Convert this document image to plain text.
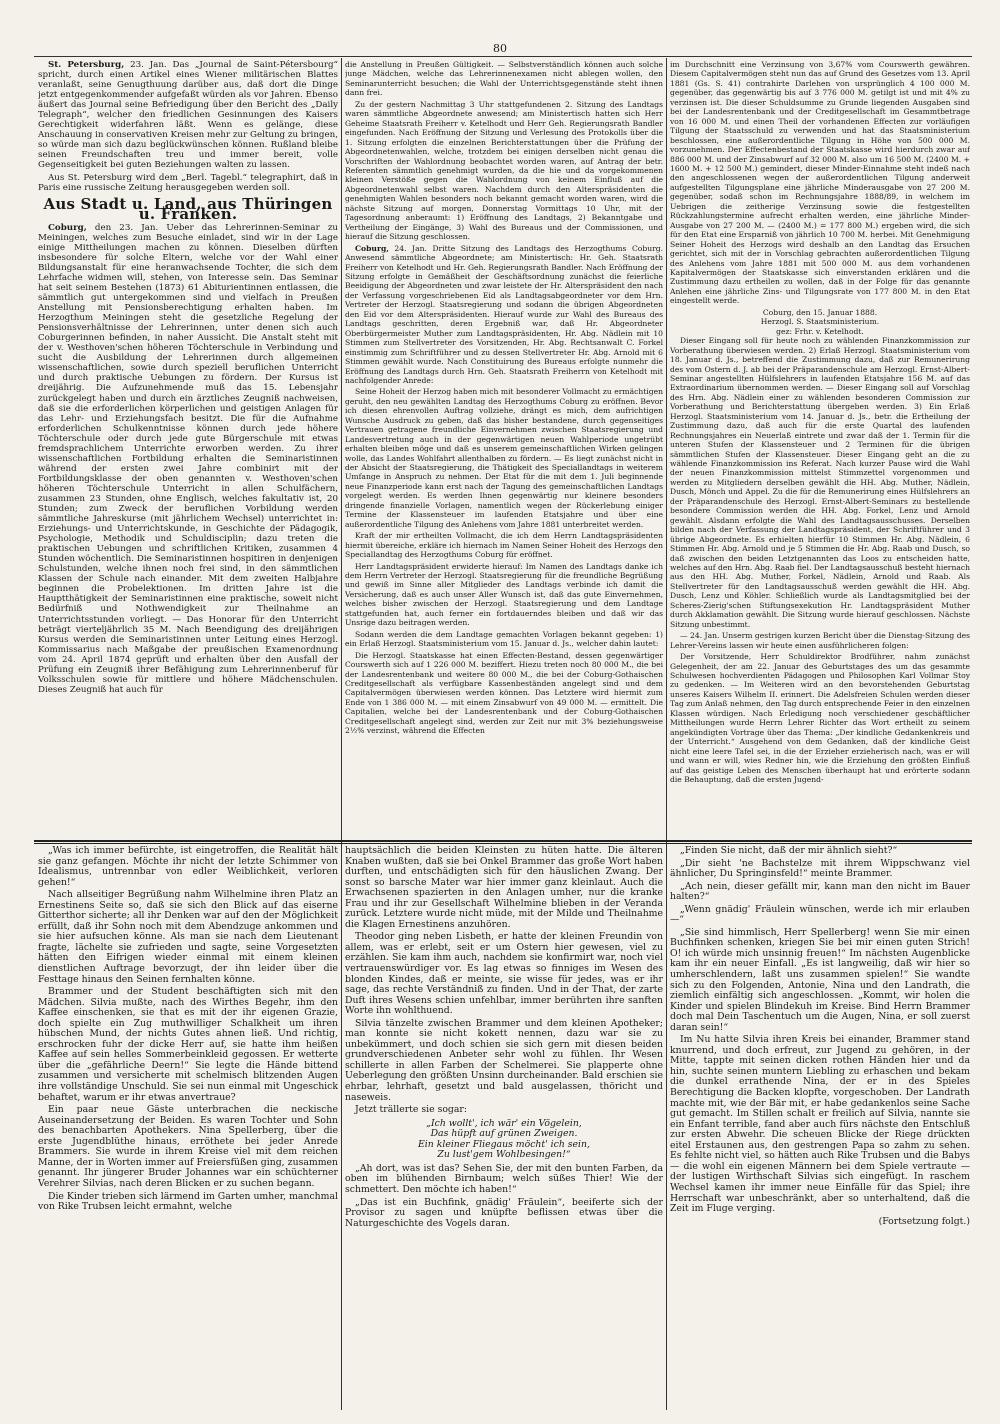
80

St. Petersburg, 23. Jan. Das „Journal de Saint-Pétersbourg“ spricht, durch einen Artikel eines Wiener militärischen Blattes veranlaßt, seine Genugthuung darüber aus, daß dort die Dinge jetzt entgegenkommender aufgefaßt würden als vor Jahren. Ebenso äußert das Journal seine Befriedigung über den Bericht des „Daily Telegraph“, welcher den friedlichen Gesinnungen des Kaisers Gerechtigkeit widerfahren läßt. Wenn es gelänge, diese Anschauung in conservativen Kreisen mehr zur Geltung zu bringen, so würde man sich dazu beglückwünschen können. Rußland bleibe seinen Freundschaften treu und immer bereit, volle Gegenseitigkeit bei guten Beziehungen walten zu lassen.

Aus St. Petersburg wird dem „Berl. Tagebl.“ telegraphirt, daß in Paris eine russische Zeitung herausgegeben werden soll.

Aus Stadt u. Land, aus Thüringen u. Franken.

Coburg, den 23. Jan. Ueber das Lehrerinnen-Seminar zu Meiningen, welches zum Besuche einladet, sind wir in der Lage einige Mittheilungen machen zu können. Dieselben dürften insbesondere für solche Eltern, welche vor der Wahl einer Bildungsanstalt für eine heranwachsende Tochter, die sich dem Lehrfache widmen will, stehen, von Interesse sein. Das Seminar hat seit seinem Bestehen (1873) 61 Abiturientinnen entlassen, die sämmtlich gut untergekommen sind und vielfach in Preußen Anstellung mit Pensionsberechtigung erhalten haben. Im Herzogthum Meiningen steht die gesetzliche Regelung der Pensionsverhältnisse der Lehrerinnen, unter denen sich auch Coburgerinnen befinden, in naher Aussicht. Die Anstalt steht mit der v. Westhoven'schen höheren Töchterschule in Verbindung und sucht die Ausbildung der Lehrerinnen durch allgemeinen wissenschaftlichen, sowie durch speziell beruflichen Unterricht und durch praktische Uebungen zu fördern. Der Kursus ist dreijährig. Die Aufzunehmende muß das 15. Lebensjahr zurückgelegt haben und durch ein ärztliches Zeugniß nachweisen, daß sie die erforderlichen körperlichen und geistigen Anlagen für das Lehr- und Erziehungsfach besitzt. Die für die Aufnahme erforderlichen Schulkenntnisse können durch jede höhere Töchterschule oder durch jede gute Bürgerschule mit etwas fremdsprachlichem Unterrichte erworben werden. Zu ihrer wissenschaftlichen Fortbildung erhalten die Seminaristinnen während der ersten zwei Jahre combinirt mit der Fortbildungsklasse der oben genannten v. Westhoven'schen höheren Töchterschule Unterricht in allen Schulfächern, zusammen 23 Stunden, ohne Englisch, welches fakultativ ist, 20 Stunden; zum Zweck der beruflichen Vorbildung werden sämmtliche Jahreskurse (mit jährlichem Wechsel) unterrichtet in: Erziehungs- und Unterrichtskunde, in Geschichte der Pädagogik, Psychologie, Methodik und Schuldisciplin; dazu treten die praktischen Uebungen und schriftlichen Kritiken, zusammen 4 Stunden wöchentlich. Die Seminaristinnen hospitiren in denjenigen Schulstunden, welche ihnen noch frei sind, in den sämmtlichen Klassen der Schule nach einander. Mit dem zweiten Halbjahre beginnen die Probelektionen. Im dritten Jahre ist die Hauptthätigkeit der Seminaristinnen eine praktische, soweit nicht Bedürfniß und Nothwendigkeit zur Theilnahme an Unterrichtsstunden vorliegt. — Das Honorar für den Unterricht beträgt vierteljährlich 35 M. Nach Beendigung des dreijährigen Kursus werden die Seminaristinnen unter Leitung eines Herzogl. Kommissarius nach Maßgabe der preußischen Examenordnung vom 24. April 1874 geprüft und erhalten über den Ausfall der Prüfung ein Zeugniß ihrer Befähigung zum Lehrerinnenberuf für Volksschulen sowie für mittlere und höhere Mädchenschulen. Dieses Zeugniß hat auch für

die Anstellung in Preußen Gültigkeit. — Selbstverständlich können auch solche junge Mädchen, welche das Lehrerinnenexamen nicht ablegen wollen, den Seminarunterricht besuchen; die Wahl der Unterrichtsgegenstände steht ihnen dann frei.

Zu der gestern Nachmittag 3 Uhr stattgefundenen 2. Sitzung des Landtags waren sämmtliche Abgeordnete anwesend; am Ministertisch hatten sich Herr Geheime Staatsrath Freiherr v. Ketelhodt und Herr Geh. Regierungsrath Bandler eingefunden. Nach Eröffnung der Sitzung und Verlesung des Protokolls über die 1. Sitzung erfolgten die einzelnen Berichterstattungen über die Prüfung der Abgeordnetenwahlen, welche, trotzdem bei einigen derselben nicht genau die Vorschriften der Wahlordnung beobachtet worden waren, auf Antrag der betr. Referenten sämmtlich genehmigt wurden, da die hie und da vorgekommenen kleinen Verstöße gegen die Wahlordnung von keinem Einfluß auf die Abgeordnetenwahl selbst waren. Nachdem durch den Alterspräsidenten die genehmigten Wahlen besonders noch bekannt gemacht worden waren, wird die nächste Sitzung auf morgen, Donnerstag Vormittags 10 Uhr, mit der Tagesordnung anberaumt: 1) Eröffnung des Landtags, 2) Bekanntgabe und Vertheilung der Eingänge, 3) Wahl des Bureaus und der Commissionen, und hierauf die Sitzung geschlossen.

Coburg, 24. Jan. Dritte Sitzung des Landtags des Herzogthums Coburg. Anwesend sämmtliche Abgeordnete; am Ministertisch: Hr. Geh. Staatsrath Freiherr von Ketelhodt und Hr. Geh. Regierungsrath Bandler. Nach Eröffnung der Sitzung erfolgte in Gemäßheit der Geschäftsordnung zunächst die feierliche Beeidigung der Abgeordneten und zwar leistete der Hr. Alterspräsident den nach der Verfassung vorgeschriebenen Eid als Landtagsabgeordneter vor dem Hrn. Vertreter der Herzogl. Staatsregierung und sodann die übrigen Abgeordneten den Eid vor dem Alterspräsidenten. Hierauf wurde zur Wahl des Bureaus des Landtags geschritten, deren Ergebniß war, daß Hr. Abgeordneter Oberbürgermeister Muther zum Landtagspräsidenten, Hr. Abg. Nädlein mit 10 Stimmen zum Stellvertreter des Vorsitzenden, Hr. Abg. Rechtsanwalt C. Forkel einstimmig zum Schriftführer und zu dessen Stellvertreter Hr. Abg. Arnold mit 6 Stimmen gewählt wurde. Nach Constituirung des Bureaus erfolgte nunmehr die Eröffnung des Landtags durch Hrn. Geh. Staatsrath Freiherrn von Ketelhodt mit nachfolgender Anrede:

Seine Hoheit der Herzog haben mich mit besonderer Vollmacht zu ermächtigen geruht, den neu gewählten Landtag des Herzogthums Coburg zu eröffnen. Bevor ich diesen ehrenvollen Auftrag vollziehe, drängt es mich, dem aufrichtigen Wunsche Ausdruck zu geben, daß das bisher bestandene, durch gegenseitiges Vertrauen getragene freundliche Einvernehmen zwischen Staatsregierung und Landesvertretung auch in der gegenwärtigen neuen Wahlperiode ungetrübt erhalten bleiben möge und daß es unserem gemeinschaftlichen Wirken gelingen wolle, das Landes Wohlfahrt allenthalben zu fördern. — Es liegt zunächst nicht in der Absicht der Staatsregierung, die Thätigkeit des Speciallandtags in weiterem Umfange in Anspruch zu nehmen. Der Etat für die mit dem 1. Juli beginnende neue Finanzperiode kann erst nach der Tagung des gemeinschaftlichen Landtags vorgelegt werden. Es werden Ihnen gegenwärtig nur kleinere besonders dringende finanzielle Vorlagen, namentlich wegen der Rückerlebung einiger Termine der Klassensteuer im laufenden Etatsjahre und über eine außerordentliche Tilgung des Anlehens vom Jahre 1881 unterbreitet werden.

Kraft der mir ertheilten Vollmacht, die ich dem Herrn Landtagspräsidenten hiermit übereiche, erkläre ich hiernach im Namen Seiner Hoheit des Herzogs den Speciallandtag des Herzogthums Coburg für eröffnet.

Herr Landtagspräsident erwiderte hierauf: Im Namen des Landtags danke ich dem Herrn Vertreter der Herzogl. Staatsregierung für die freundliche Begrüßung und gewiß im Sinne aller Mitglieder des Landtags verbinde ich damit die Versicherung, daß es auch unser Aller Wunsch ist, daß das gute Einvernehmen, welches bisher zwischen der Herzogl. Staatsregierung und dem Landtage stattgefunden hat, auch ferner ein fortdauerndes bleiben und daß wir das Unsrige dazu beitragen werden.

Sodann werden die dem Landtage gemachten Vorlagen bekannt gegeben: 1) ein Erlaß Herzogl. Staatsministerium vom 15. Januar d. Js., welcher dahin lautet:

Die Herzogl. Staatskasse hat einen Effecten-Bestand, dessen gegenwärtiger Courswerth sich auf 1 226 000 M. beziffert. Hiezu treten noch 80 000 M., die bei der Landesrentenbank und weitere 80 000 M., die bei der Coburg-Gothaischen Creditgesellschaft als verfügbare Kassenbeständen angelegt sind und dem Capitalvermögen überwiesen werden können. Das Letztere wird hiermit zum Ende von 1 386 000 M. — mit einem Zinsabwurf von 49 000 M. — ermittelt. Die Capitalien, welche bei der Landesrentenbank und der Coburg-Gothaischen Creditgesellschaft angelegt sind, werden zur Zeit nur mit 3% beziehungsweise 2½% verzinst, während die Effecten

im Durchschnitt eine Verzinsung von 3,67% vom Courswerth gewähren. Diesem Capitalvermögen steht nun das auf Grund des Gesetzes vom 13. April 1881 (Gs. S. 41) contrahirte Darlehen von ursprünglich 4 100 000 M. gegenüber, das gegenwärtig bis auf 3 776 000 M. getilgt ist und mit 4% zu verzinsen ist. Die dieser Schuldsumme zu Grunde liegenden Ausgaben sind bei der Landesrentenbank und der Creditgesellschaft im Gesammtbetrage von 16 000 M. und einen Theil der vorhandenen Effecten zur vorläufigen Tilgung der Staatsschuld zu verwenden und hat das Staatsministerium beschlossen, eine außerordentliche Tilgung in Höhe von 500 000 M. vorzunehmen. Der Effectenbestand der Staatskasse wird hierdurch zwar auf 886 000 M. und der Zinsabwurf auf 32 000 M. also um 16 500 M. (2400 M. + 1600 M. + 12 500 M.) gemindert, dieser Minder-Einnahme steht indeß nach den angeschlossenen wegen der außerordentlichen Tilgung anderweit aufgestellten Tilgungsplane eine jährliche Minderausgabe von 27 200 M. gegenüber, sodaß schon im Rechnungsjahre 1888/89, in welchem im Uebrigen die zeitherige Verzinsung sowie die festgestellten Rückzahlungstermine aufrecht erhalten werden, eine jährliche Minder-Ausgabe von 27 200 M. — (2400 M.) = 177 800 M.) ergeben wird, die sich für den Etat eine Ersparniß von jährlich 10 700 M. herbei. Mit Genehmigung Seiner Hoheit des Herzogs wird deshalb an den Landtag das Ersuchen gerichtet, sich mit der in Vorschlag gebrachten außerordentlichen Tilgung des Anlehens vom Jahre 1881 mit 500 000 M. aus dem vorhandenen Kapitalvermögen der Staatskasse sich einverstanden erklären und die Zustimmung dazu ertheilen zu wollen, daß in der Folge für das genannte Anlehen eine jährliche Zins- und Tilgungsrate von 177 800 M. in den Etat eingestellt werde.

Coburg, den 15. Januar 1888.
Herzogl. S. Staatsministerium.
gez: Frhr. v. Ketelhodt.

Dieser Eingang soll für heute noch zu wählenden Finanzkommission zur Vorberathung überwiesen werden. 2) Erlaß Herzogl. Staatsministerium vom 18. Januar d. Js., betreffend die Zustimmung dazu, daß zur Remunerirung des vom Ostern d. J. ab bei der Präparandenschule am Herzogl. Ernst-Albert-Seminar angestellten Hülfslehrers in laufenden Etatsjahre 156 M. auf das Extraordinarium übernommen werden. — Dieser Eingang soll auf Vorschlag des Hrn. Abg. Nädlein einer zu wählenden besonderen Commission zur Vorberathung und Berichterstattung übergeben werden. 3) Ein Erlaß Herzogl. Staatsministerium vom 14. Januar d. Js., betr. die Ertheilung der Zustimmung dazu, daß auch für die erste Quartal des laufenden Rechnungsjahres ein Neuerlaß eintrete und zwar daß der 1. Termin für die unteren Stufen der Klassensteuer und 2 Terminen für die übrigen sämmtlichen Stufen der Klassensteuer. Dieser Eingang geht an die zu wählende Finanzkommission ins Referat. Nach kurzer Pause wird die Wahl der neuen Finanzkommission mittelst Stimmzettel vorgenommen und werden zu Mitgliedern derselben gewählt die HH. Abg. Muther, Nädlein, Dusch, Mönch und Appel. Zu die für die Remunerirung eines Hülfslehrers an der Präparandenschule des Herzogl. Ernst-Albert-Seminars zu bestellende besondere Commission werden die HH. Abg. Forkel, Lenz und Arnold gewählt. Alsdann erfolgte die Wahl des Landtagsausschusses. Derselben bilden nach der Verfassung der Landtagspräsident, der Schriftführer und 3 übrige Abgeordnete. Es erhielten hierfür 10 Stimmen Hr. Abg. Nädlein, 6 Stimmen Hr. Abg. Arnold und je 5 Stimmen die Hr. Abg. Raab und Dusch, so daß zwischen den beiden Letztgenannten das Loos zu entscheiden hatte, welches auf den Hrn. Abg. Raab fiel. Der Landtagsausschuß besteht hiernach aus den HH. Abg. Muther, Forkel, Nädlein, Arnold und Raab. Als Stellvertreter für den Landtagsausschuß werden gewählt die HH. Abg. Dusch, Lenz und Köhler. Schließlich wurde als Landtagsmitglied bei der Scheres-Zierig'schen Stiftungsexekution Hr. Landtagspräsident Muther durch Akklamation gewählt. Die Sitzung wurde hierauf geschlossen. Nächste Sitzung unbestimmt.

— 24. Jan. Unserm gestrigen kurzen Bericht über die Dienstag-Sitzung des Lehrer-Vereins lassen wir heute einen ausführlicheren folgen:

Der Vorsitzende, Herr Schuldirektor Brodführer, nahm zunächst Gelegenheit, der am 22. Januar des Geburtstages des um das gesammte Schulwesen hochverdienten Pädagogen und Philosophen Karl Vollmar Stoy zu gedenken. — Im Weiteren wird an den bevorstehenden Geburtstag unseres Kaisers Wilhelm II. erinnert. Die Adelsfreien Schulen werden dieser Tag zum Anlaß nehmen, den Tag durch entsprechende Feier in den einzelnen Klassen würdigen. Nach Erledigung noch verschiedener geschäftlicher Mittheilungen wurde Herrn Lehrer Richter das Wort ertheilt zu seinem angekündigten Vortrage über das Thema: „Der kindliche Gedankenkreis und der Unterricht.“ Ausgehend von dem Gedanken, daß der kindliche Geist nicht eine leere Tafel sei, in die der Erzieher erzieherisch nach, was er will und wann er will, wies Redner hin, wie die Erziehung den größten Einfluß auf das geistige Leben des Menschen überhaupt hat und erörterte sodann die Behauptung, daß die ersten Jugend-

„Was ich immer befürchte, ist eingetroffen, die Realität hält sie ganz gefangen. Möchte ihr nicht der letzte Schimmer von Idealismus, untrennbar von edler Weiblichkeit, verloren gehen!“

Nach allseitiger Begrüßung nahm Wilhelmine ihren Platz an Ernestinens Seite so, daß sie sich den Blick auf das eiserne Gitterthor sicherte; all ihr Denken war auf den der Möglichkeit erfüllt, daß ihr Sohn noch mit dem Abendzuge ankommen und sie hier aufsuchen könne. Als man sie nach dem Lieutenant fragte, lächelte sie zufrieden und sagte, seine Vorgesetzten hätten den Eifrigen wieder einmal mit einem kleinen dienstlichen Auftrage bevorzugt, der ihn leider über die Festtage hinaus den Seinen fernhalten könne.

Brammer und der Student beschäftigten sich mit den Mädchen. Silvia mußte, nach des Wirthes Begehr, ihm den Kaffee einschenken, sie that es mit der ihr eigenen Grazie, doch spielte ein Zug muthwilliger Schalkheit um ihren hübschen Mund, der nichts Gutes ahnen ließ. Und richtig, erschrocken fuhr der dicke Herr auf, sie hatte ihm heißen Kaffee auf sein helles Sommerbeinkleid gegossen. Er wetterte über die „gefährliche Deern!“ Sie legte die Hände bittend zusammen und versicherte mit schelmisch blitzenden Augen ihre vollständige Unschuld. Sie sei nun einmal mit Ungeschick behaftet, warum er ihr etwas anvertraue?

Ein paar neue Gäste unterbrachen die neckische Auseinandersetzung der Beiden. Es waren Tochter und Sohn des benachbarten Apothekers. Nina Spellerberg, über die erste Jugendblüthe hinaus, erröthete bei jeder Anrede Brammers. Sie wurde in ihrem Kreise viel mit dem reichen Manne, der in Worten immer auf Freiersfüßen ging, zusammen genannt. Ihr jüngerer Bruder Johannes war ein schüchterner Verehrer Silvias, nach deren Blicken er zu suchen begann.

Die Kinder trieben sich lärmend im Garten umher, manchmal von Rike Trubsen leicht ermahnt, welche

hauptsächlich die beiden Kleinsten zu hüten hatte. Die älteren Knaben wußten, daß sie bei Onkel Brammer das große Wort haben durften, und entschädigten sich für den häuslichen Zwang. Der sonst so barsche Mater war hier immer ganz kleinlaut. Auch die Erwachsenen spazierten in den Anlagen umher, nur die kranke Frau und ihr zur Gesellschaft Wilhelmine blieben in der Veranda zurück. Letztere wurde nicht müde, mit der Milde und Theilnahme die Klagen Ernestinens anzuhören.

Theodor ging neben Lisbeth, er hatte der kleinen Freundin von allem, was er erlebt, seit er um Ostern hier gewesen, viel zu erzählen. Sie kam ihm auch, nachdem sie konfirmirt war, noch viel vertrauenswürdiger vor. Es lag etwas so finniges im Wesen des blonden Kindes, daß er meinte, sie wisse für jedes, was er ihr sage, das rechte Verständniß zu finden. Und in der That, der zarte Duft ihres Wesens schien unfehlbar, immer berührten ihre sanften Worte ihn wohlthuend.

Silvia tänzelte zwischen Brammer und dem kleinen Apotheker; man konnte sie nicht kokett nennen, dazu war sie zu unbekümmert, und doch schien sie sich gern mit diesen beiden grundverschiedenen Anbeter sehr wohl zu fühlen. Ihr Wesen schillerte in allen Farben der Schelmerei. Sie plapperte ohne Ueberlegung den größten Unsinn durcheinander. Bald erschien sie ehrbar, lehrhaft, gesetzt und bald ausgelassen, thöricht und naseweis.

Jetzt trällerte sie sogar:

„Ich wollt', ich wär' ein Vögelein,
Das hüpft auf grünen Zweigen.
Ein kleiner Fliegaus möcht' ich sein,
Zu lust'gem Wohlbesingen!“

„Ah dort, was ist das? Sehen Sie, der mit den bunten Farben, da oben im blühenden Birnbaum; welch süßes Thier! Wie der schmettert. Den möchte ich haben!“

„Das ist ein Buchfink, gnädig' Fräulein“, beeiferte sich der Provisor zu sagen und knüpfte beflissen etwas über die Naturgeschichte des Vogels daran.

„Finden Sie nicht, daß der mir ähnlich sieht?“

„Dir sieht 'ne Bachstelze mit ihrem Wippschwanz viel ähnlicher, Du Springinsfeld!“ meinte Brammer.

„Ach nein, dieser gefällt mir, kann man den nicht im Bauer halten?“

„Wenn gnädig' Fräulein wünschen, werde ich mir erlauben —“

„Sie sind himmlisch, Herr Spellerberg! wenn Sie mir einen Buchfinken schenken, kriegen Sie bei mir einen guten Strich! O! ich würde mich unsinnig freuen!“ Im nächsten Augenblicke kam ihr ein neuer Einfall. „Es ist langweilig, daß wir hier so umherschlendern, laßt uns zusammen spielen!“ Sie wandte sich zu den Folgenden, Antonie, Nina und den Landrath, die ziemlich einfältig sich angeschlossen. „Kommt, wir holen die Kinder und spielen Blindekuh im Kreise. Bind Herrn Brammer doch mal Dein Taschentuch um die Augen, Nina, er soll zuerst daran sein!“

Im Nu hatte Silvia ihren Kreis bei einander, Brammer stand knurrend, und doch erfreut, zur Jugend zu gehören, in der Mitte, tappte mit seinen dicken rothen Händen hier und da hin, suchte seinen muntern Liebling zu erhaschen und bekam die dunkel errathende Nina, der er in des Spieles Berechtigung die Backen klopfte, vorgeschoben. Der Landrath machte mit, wie der Bär mit, er habe gedankenlos seine Sache gut gemacht. Im Stillen schalt er freilich auf Silvia, nannte sie ein Enfant terrible, fand aber auch fürs nächste den Entschluß zur ersten Abwehr. Die scheuen Blicke der Riege drückten eitel Erstaunen aus, den gestrengen Papa so zahm zu sehen. Es fehlte nicht viel, so hätten auch Rike Trubsen und die Babys — die wohl ein eigenen Männern bei dem Spiele vertraute — der lustigen Wirthschaft Silvias sich eingefügt. In raschem Wechsel kamen ihr immer neue Einfälle für das Spiel; ihre Herrschaft war unbeschränkt, aber so unterhaltend, daß die Zeit im Fluge verging.

(Fortsetzung folgt.)
